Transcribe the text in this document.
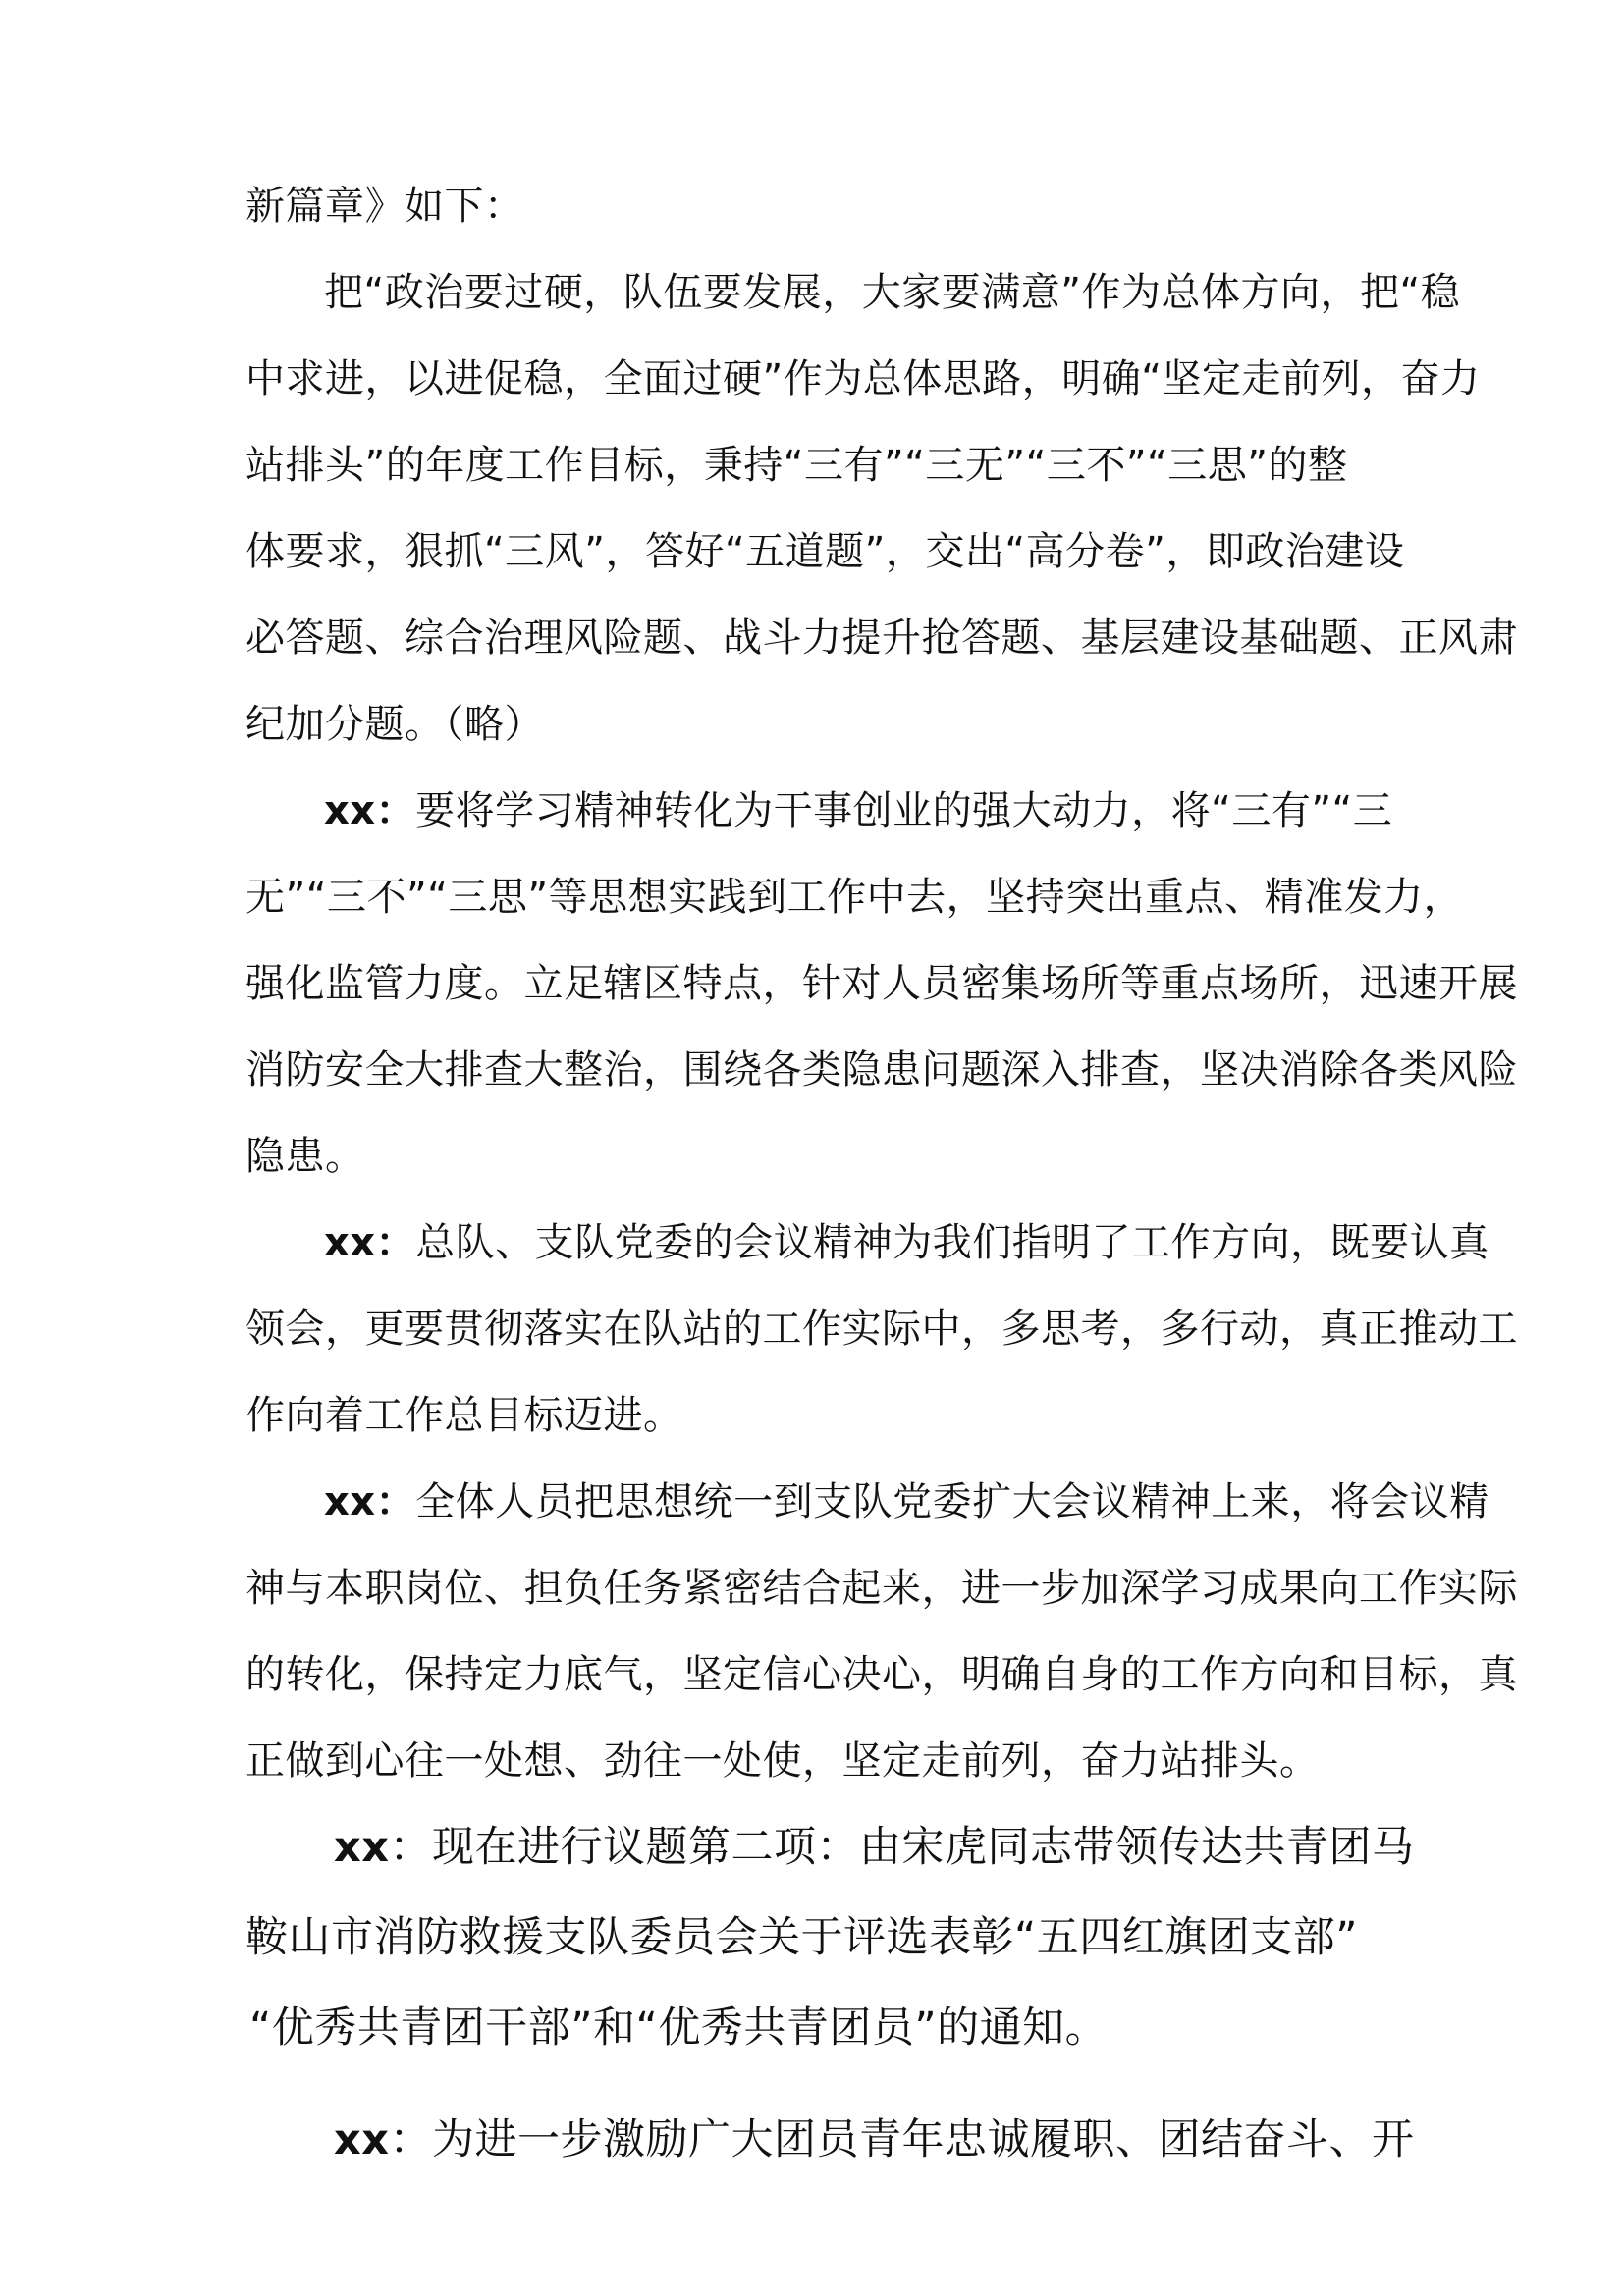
新篇章》如下：

把“政治要过硬，队伍要发展，大家要满意”作为总体方向，把“稳

中求进，以进促稳，全面过硬”作为总体思路，明确“坚定走前列，奋力

站排头”的年度工作目标，秉持“三有”“三无”“三不”“三思”的整

体要求，狠抓“三风”，答好“五道题”，交出“高分卷”，即政治建设

必答题、综合治理风险题、战斗力提升抢答题、基层建设基础题、正风肃

纪加分题。（略）

xx：要将学习精神转化为干事创业的强大动力，将“三有”“三

无”“三不”“三思”等思想实践到工作中去，坚持突出重点、精准发力，

强化监管力度。立足辖区特点，针对人员密集场所等重点场所，迅速开展

消防安全大排查大整治，围绕各类隐患问题深入排查，坚决消除各类风险

隐患。

xx：总队、支队党委的会议精神为我们指明了工作方向，既要认真

领会，更要贯彻落实在队站的工作实际中，多思考，多行动，真正推动工

作向着工作总目标迈进。

xx：全体人员把思想统一到支队党委扩大会议精神上来，将会议精

神与本职岗位、担负任务紧密结合起来，进一步加深学习成果向工作实际

的转化，保持定力底气，坚定信心决心，明确自身的工作方向和目标，真

正做到心往一处想、劲往一处使，坚定走前列，奋力站排头。

xx：现在进行议题第二项：由宋虎同志带领传达共青团马

鞍山市消防救援支队委员会关于评选表彰“五四红旗团支部”

“优秀共青团干部”和“优秀共青团员”的通知。

xx：为进一步激励广大团员青年忠诚履职、团结奋斗、开
